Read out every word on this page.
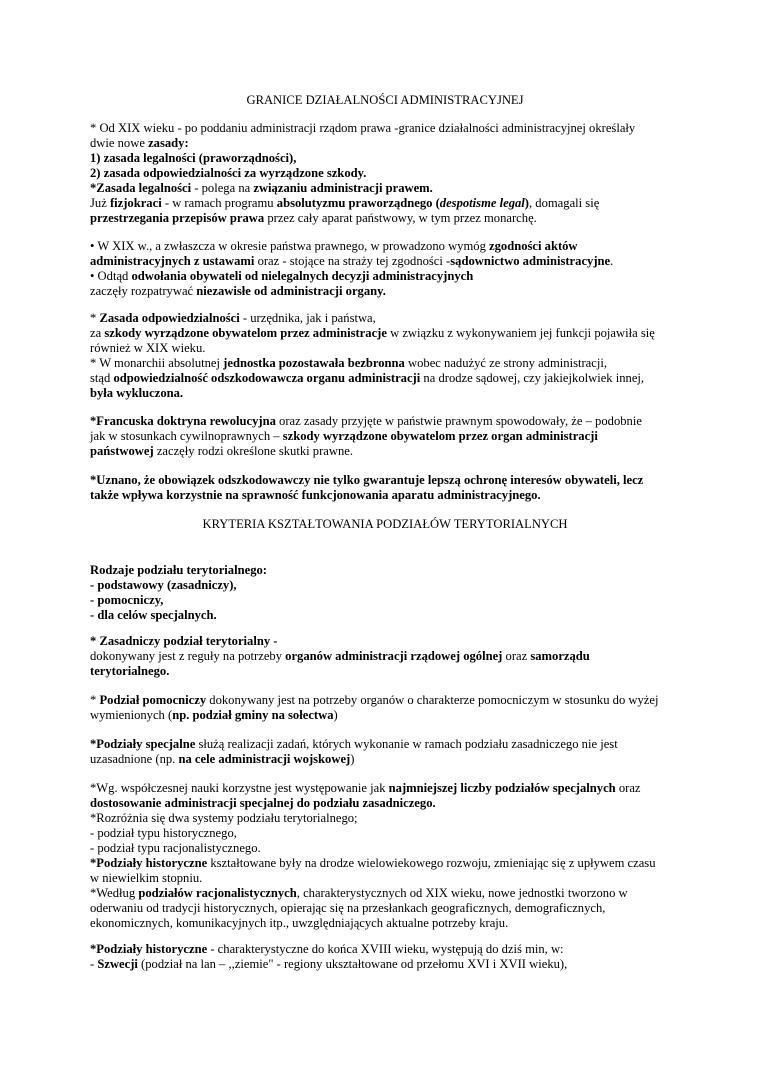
GRANICE DZIAŁALNOŚCI ADMINISTRACYJNEJ
* Od XIX wieku - po poddaniu administracji rządom prawa -granice działalności administracyjnej określały
dwie nowe zasady:
1) zasada legalności (praworządności),
2) zasada odpowiedzialności za wyrządzone szkody.
*Zasada legalności - polega na związaniu administracji prawem.
Już fizjokraci - w ramach programu absolutyzmu praworządnego (despotisme legal), domagali się
przestrzegania przepisów prawa przez cały aparat państwowy, w tym przez monarchę.
• W XIX w., a zwłaszcza w okresie państwa prawnego, w prowadzono wymóg zgodności aktów
administracyjnych z ustawami oraz - stojące na straży tej zgodności -sądownictwo administracyjne.
• Odtąd odwołania obywateli od nielegalnych decyzji administracyjnych
zaczęły rozpatrywać niezawisłe od administracji organy.
* Zasada odpowiedzialności - urzędnika, jak i państwa,
za szkody wyrządzone obywatelom przez administracje w związku z wykonywaniem jej funkcji pojawiła się
również w XIX wieku.
* W monarchii absolutnej jednostka pozostawała bezbronna wobec nadużyć ze strony administracji,
stąd odpowiedzialność odszkodowawcza organu administracji na drodze sądowej, czy jakiejkolwiek innej,
była wykluczona.
*Francuska doktryna rewolucyjna oraz zasady przyjęte w państwie prawnym spowodowały, że – podobnie
jak w stosunkach cywilnoprawnych – szkody wyrządzone obywatelom przez organ administracji
państwowej zaczęły rodzi określone skutki prawne.
*Uznano, że obowiązek odszkodowawczy nie tylko gwarantuje lepszą ochronę interesów obywateli, lecz
także wpływa korzystnie na sprawność funkcjonowania aparatu administracyjnego.
KRYTERIA KSZTAŁTOWANIA PODZIAŁÓW TERYTORIALNYCH
Rodzaje podziału terytorialnego:
- podstawowy (zasadniczy),
- pomocniczy,
- dla celów specjalnych.
* Zasadniczy podział terytorialny -
dokonywany jest z reguły na potrzeby organów administracji rządowej ogólnej oraz samorządu
terytorialnego.
* Podział pomocniczy dokonywany jest na potrzeby organów o charakterze pomocniczym w stosunku do wyżej
wymienionych (np. podział gminy na sołectwa)
*Podziały specjalne służą realizacji zadań, których wykonanie w ramach podziału zasadniczego nie jest
uzasadnione (np. na cele administracji wojskowej)
*Wg. współczesnej nauki korzystne jest występowanie jak najmniejszej liczby podziałów specjalnych oraz
dostosowanie administracji specjalnej do podziału zasadniczego.
*Rozróżnia się dwa systemy podziału terytorialnego;
- podział typu historycznego,
- podział typu racjonalistycznego.
*Podziały historyczne kształtowane były na drodze wielowiekowego rozwoju, zmieniając się z upływem czasu
w niewielkim stopniu.
*Według podziałów racjonalistycznych, charakterystycznych od XIX wieku, nowe jednostki tworzono w
oderwaniu od tradycji historycznych, opierając się na przesłankach geograficznych, demograficznych,
ekonomicznych, komunikacyjnych itp., uwzględniających aktualne potrzeby kraju.
*Podziały historyczne - charakterystyczne do końca XVIII wieku, występują do dziś min, w:
- Szwecji (podział na lan – ,,ziemie" - regiony ukształtowane od przełomu XVI i XVII wieku),
